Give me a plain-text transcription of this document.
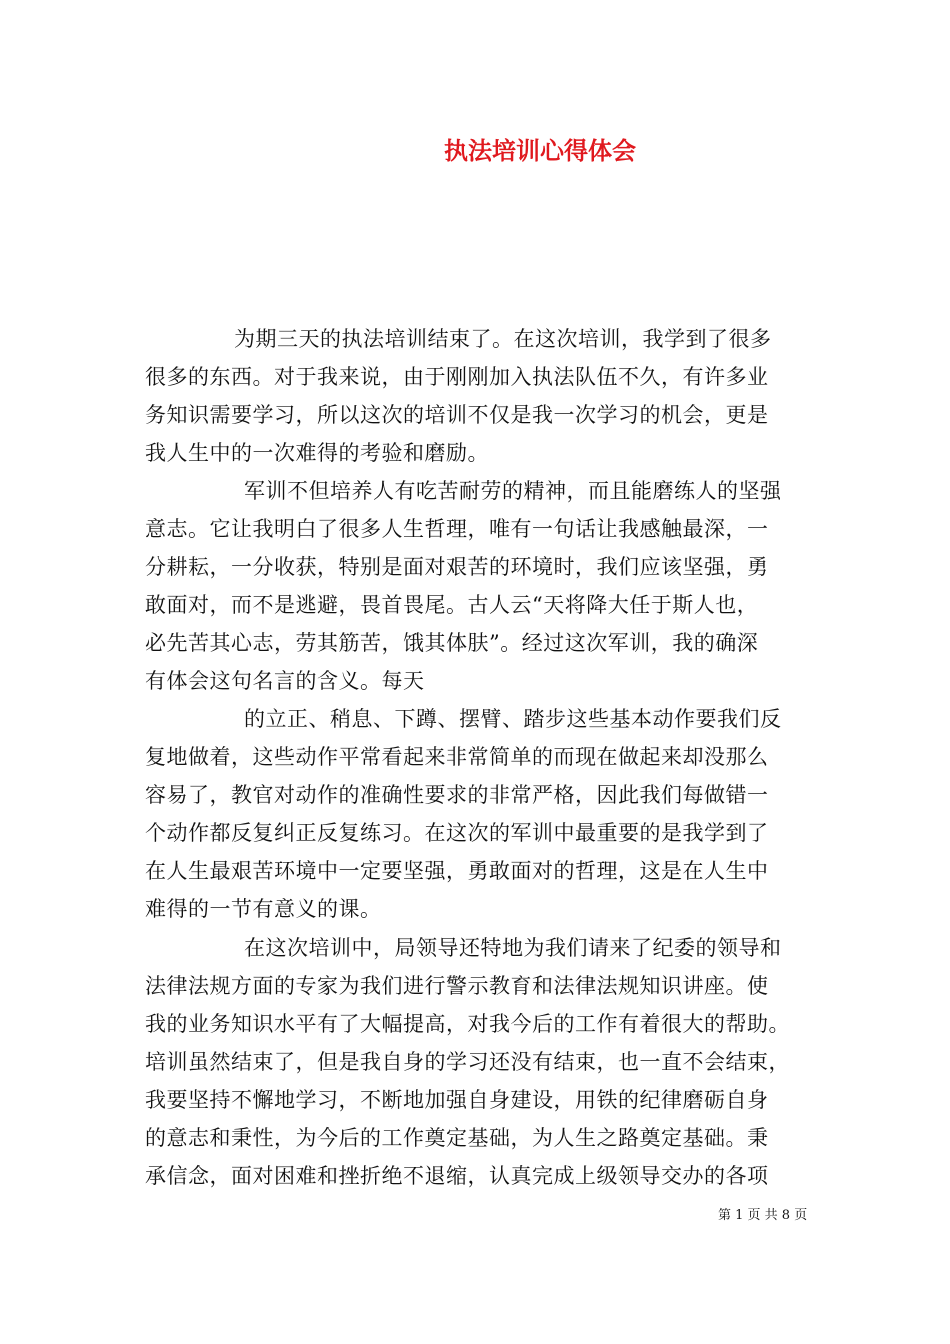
执法培训心得体会
为期三天的执法培训结束了。在这次培训，我学到了很多
很多的东西。对于我来说，由于刚刚加入执法队伍不久，有许多业
务知识需要学习，所以这次的培训不仅是我一次学习的机会，更是
我人生中的一次难得的考验和磨励。
军训不但培养人有吃苦耐劳的精神，而且能磨练人的坚强
意志。它让我明白了很多人生哲理，唯有一句话让我感触最深，一
分耕耘，一分收获，特别是面对艰苦的环境时，我们应该坚强，勇
敢面对，而不是逃避，畏首畏尾。古人云“天将降大任于斯人也，
必先苦其心志，劳其筋苦，饿其体肤”。经过这次军训，我的确深
有体会这句名言的含义。每天
的立正、稍息、下蹲、摆臂、踏步这些基本动作要我们反
复地做着，这些动作平常看起来非常简单的而现在做起来却没那么
容易了，教官对动作的准确性要求的非常严格，因此我们每做错一
个动作都反复纠正反复练习。在这次的军训中最重要的是我学到了
在人生最艰苦环境中一定要坚强，勇敢面对的哲理，这是在人生中
难得的一节有意义的课。
在这次培训中，局领导还特地为我们请来了纪委的领导和
法律法规方面的专家为我们进行警示教育和法律法规知识讲座。使
我的业务知识水平有了大幅提高，对我今后的工作有着很大的帮助。
培训虽然结束了，但是我自身的学习还没有结束，也一直不会结束，
我要坚持不懈地学习，不断地加强自身建设，用铁的纪律磨砺自身
的意志和秉性，为今后的工作奠定基础，为人生之路奠定基础。秉
承信念，面对困难和挫折绝不退缩，认真完成上级领导交办的各项
第 1 页 共 8 页
